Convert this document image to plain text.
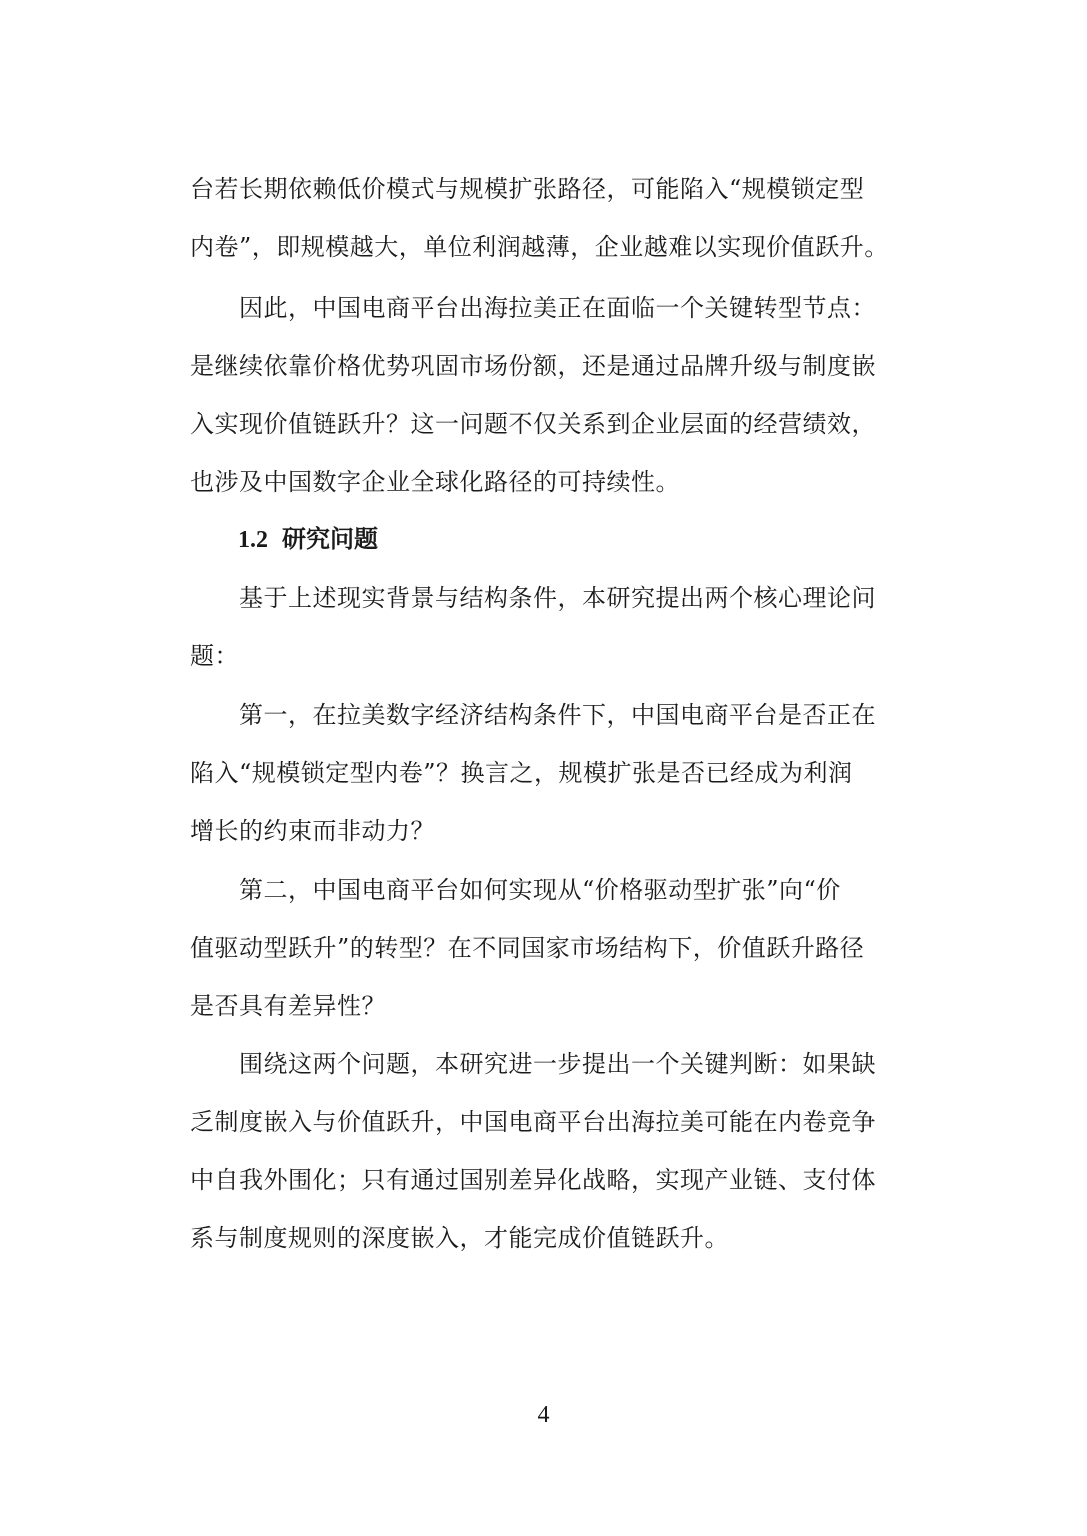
台若长期依赖低价模式与规模扩张路径，可能陷入“规模锁定型
内卷”，即规模越大，单位利润越薄，企业越难以实现价值跃升。
　　因此，中国电商平台出海拉美正在面临一个关键转型节点：
是继续依靠价格优势巩固市场份额，还是通过品牌升级与制度嵌
入实现价值链跃升？这一问题不仅关系到企业层面的经营绩效，
也涉及中国数字企业全球化路径的可持续性。
1.2 研究问题
　　基于上述现实背景与结构条件，本研究提出两个核心理论问
题：
　　第一，在拉美数字经济结构条件下，中国电商平台是否正在
陷入“规模锁定型内卷”？换言之，规模扩张是否已经成为利润
增长的约束而非动力？
　　第二，中国电商平台如何实现从“价格驱动型扩张”向“价
值驱动型跃升”的转型？在不同国家市场结构下，价值跃升路径
是否具有差异性？
　　围绕这两个问题，本研究进一步提出一个关键判断：如果缺
乏制度嵌入与价值跃升，中国电商平台出海拉美可能在内卷竞争
中自我外围化；只有通过国别差异化战略，实现产业链、支付体
系与制度规则的深度嵌入，才能完成价值链跃升。
4
